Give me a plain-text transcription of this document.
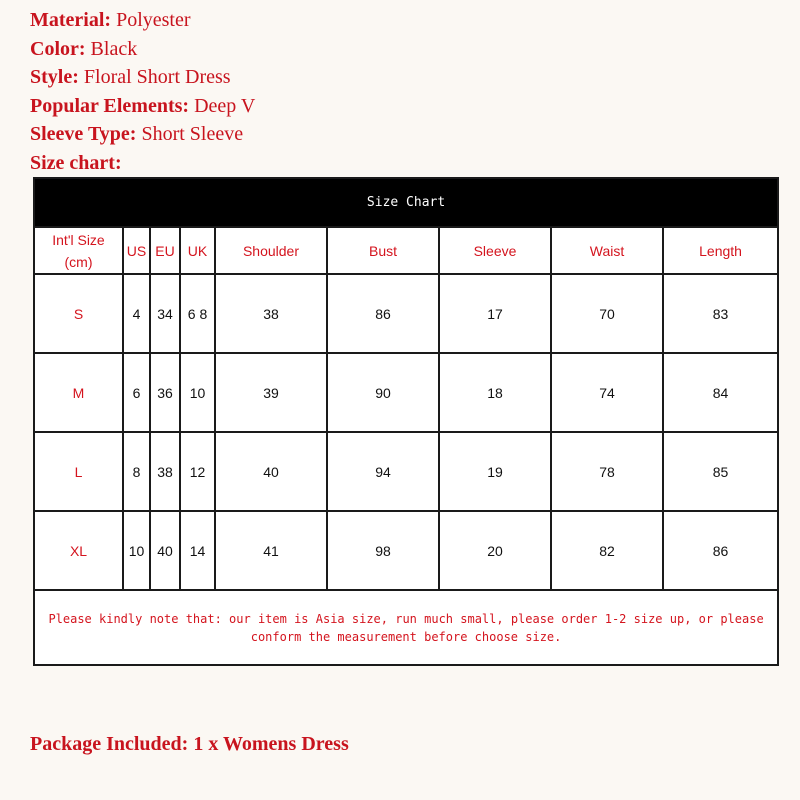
Material: Polyester
Color: Black
Style: Floral Short Dress
Popular Elements: Deep V
Sleeve Type: Short Sleeve
Size chart:
Size Chart								
Int'l Size
(cm)	US	EU	UK	Shoulder	Bust	Sleeve	Waist	Length
S	4	34	6 8	38	86	17	70	83
M	6	36	10	39	90	18	74	84
L	8	38	12	40	94	19	78	85
XL	10	40	14	41	98	20	82	86
Please kindly note that: our item is Asia size, run much small, please order 1-2 size up, or please conform the measurement before choose size.								
Package Included: 1 x Womens Dress
